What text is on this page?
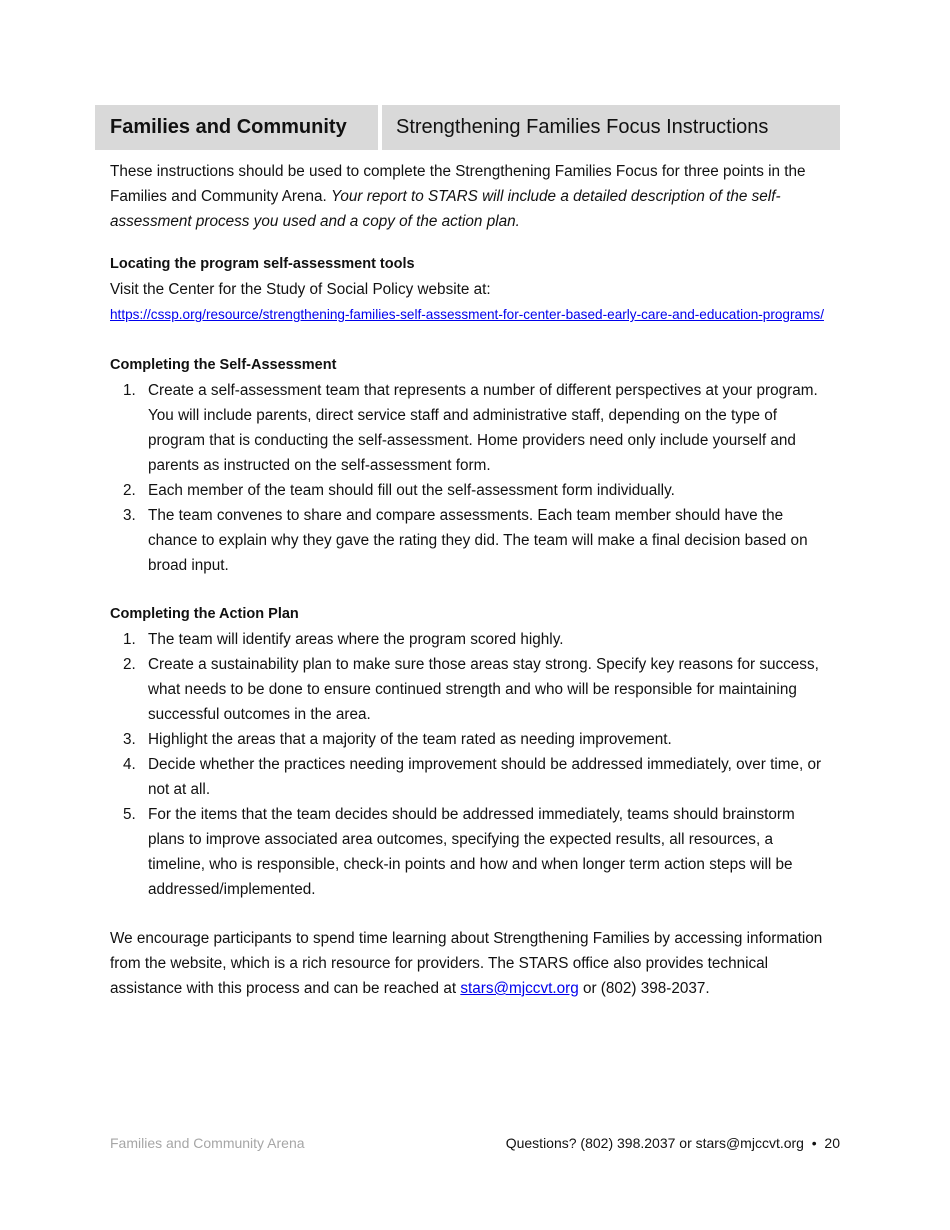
Families and Community	Strengthening Families Focus Instructions

These instructions should be used to complete the Strengthening Families Focus for three points in the Families and Community Arena. Your report to STARS will include a detailed description of the self-assessment process you used and a copy of the action plan.

Locating the program self-assessment tools

Visit the Center for the Study of Social Policy website at:

https://cssp.org/resource/strengthening-families-self-assessment-for-center-based-early-care-and-education-programs/
Completing the Self-Assessment
1. Create a self-assessment team that represents a number of different perspectives at your program. You will include parents, direct service staff and administrative staff, depending on the type of program that is conducting the self-assessment. Home providers need only include yourself and parents as instructed on the self-assessment form.
2. Each member of the team should fill out the self-assessment form individually.
3. The team convenes to share and compare assessments. Each team member should have the chance to explain why they gave the rating they did. The team will make a final decision based on broad input.
Completing the Action Plan
1. The team will identify areas where the program scored highly.
2. Create a sustainability plan to make sure those areas stay strong. Specify key reasons for success, what needs to be done to ensure continued strength and who will be responsible for maintaining successful outcomes in the area.
3. Highlight the areas that a majority of the team rated as needing improvement.
4. Decide whether the practices needing improvement should be addressed immediately, over time, or not at all.
5. For the items that the team decides should be addressed immediately, teams should brainstorm plans to improve associated area outcomes, specifying the expected results, all resources, a timeline, who is responsible, check-in points and how and when longer term action steps will be addressed/implemented.

We encourage participants to spend time learning about Strengthening Families by accessing information from the website, which is a rich resource for providers. The STARS office also provides technical assistance with this process and can be reached at stars@mjccvt.org or (802) 398-2037.

Families and Community Arena	Questions? (802) 398.2037 or stars@mjccvt.org  •  20
